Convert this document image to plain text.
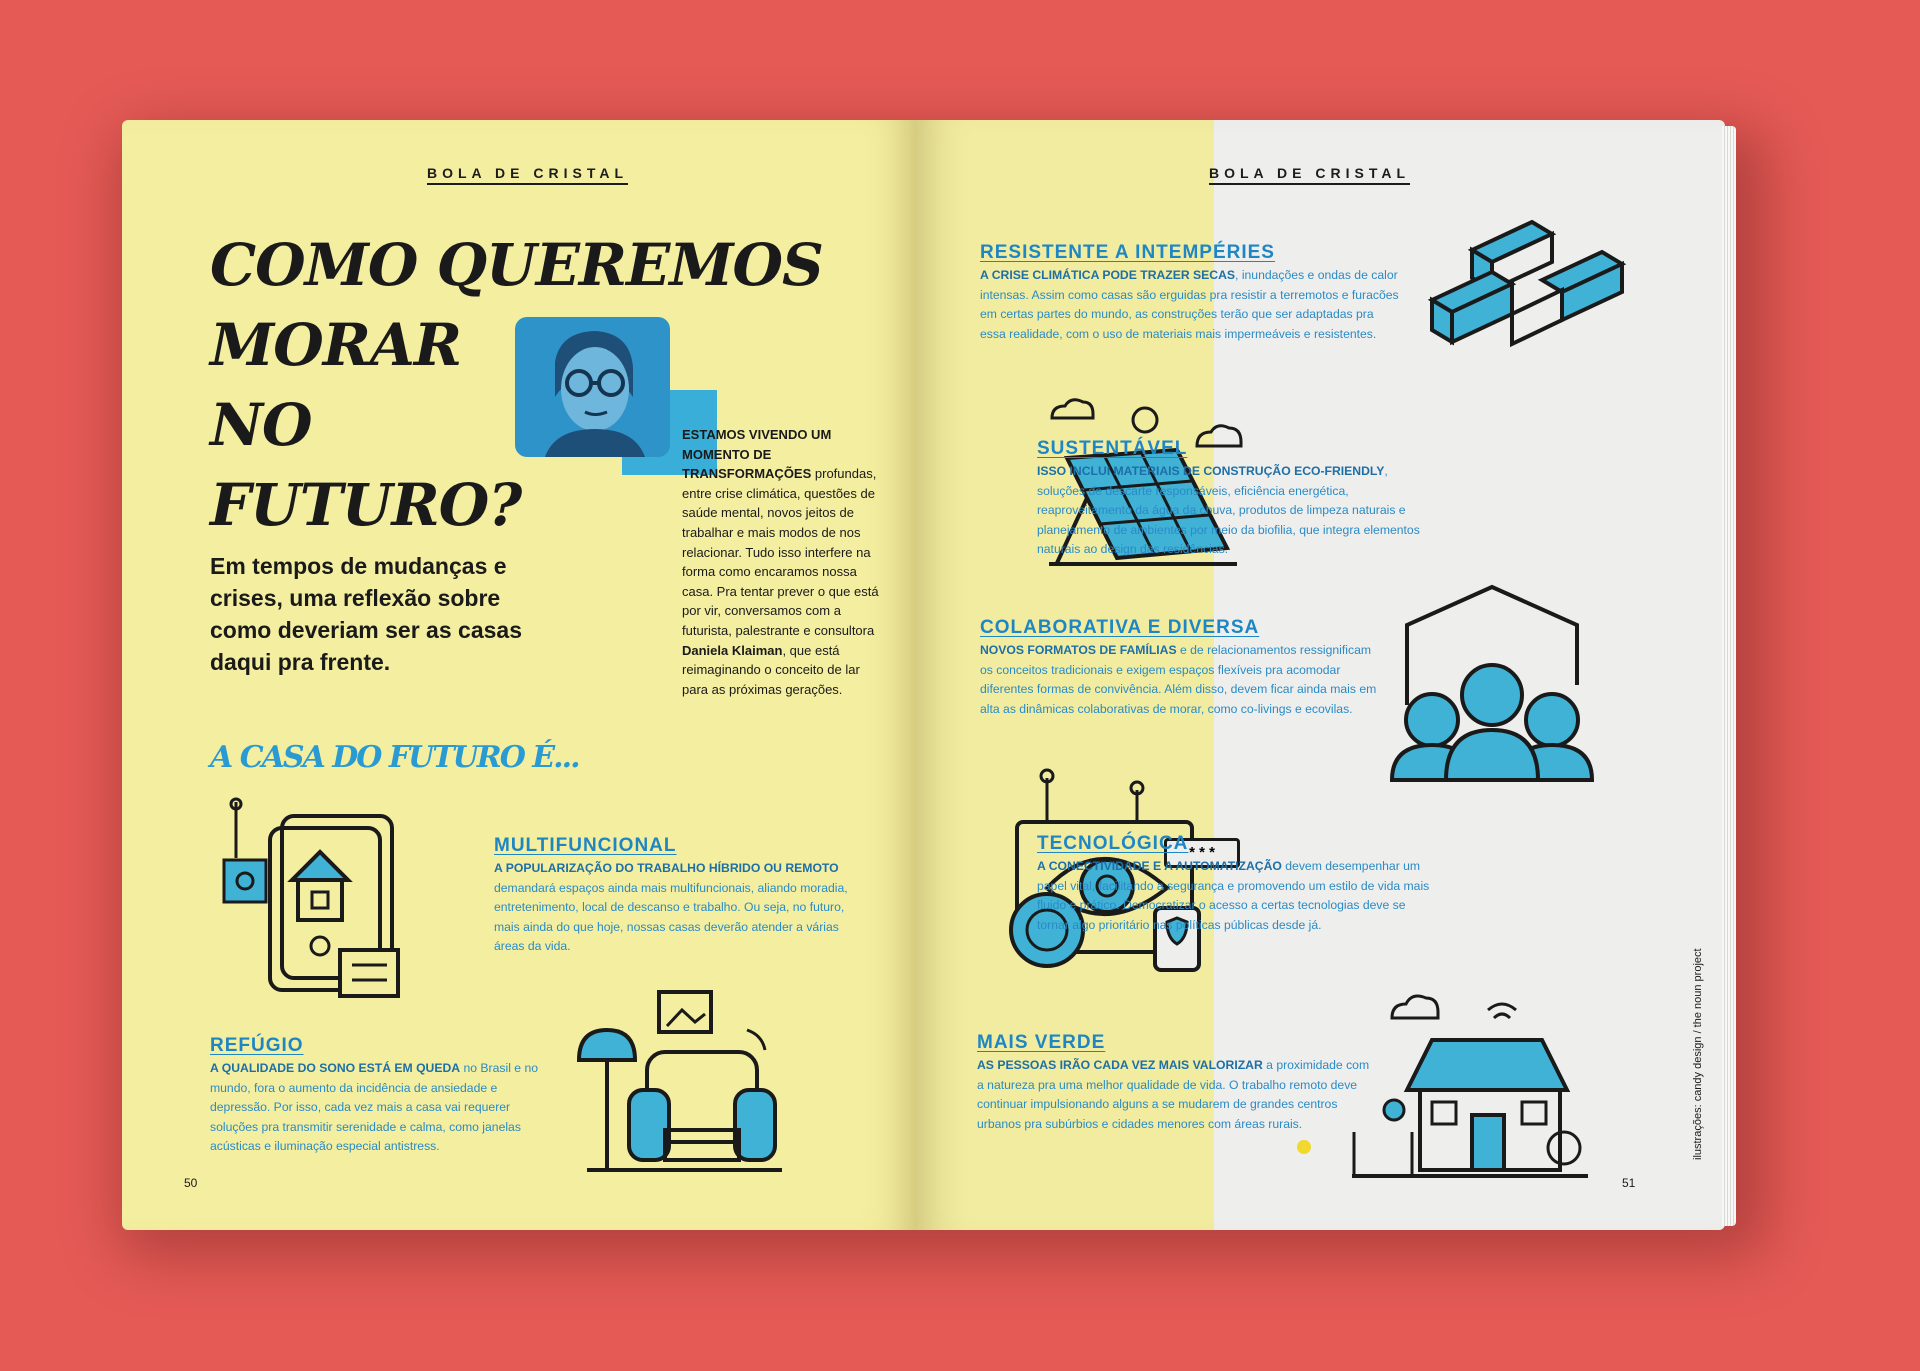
BOLA DE CRISTAL
COMO QUEREMOS
MORAR
NO
FUTURO?
Em tempos de mudanças e crises, uma reflexão sobre como deveriam ser as casas daqui pra frente.
ESTAMOS VIVENDO UM MOMENTO DE TRANSFORMAÇÕES profundas, entre crise climática, questões de saúde mental, novos jeitos de trabalhar e mais modos de nos relacionar. Tudo isso interfere na forma como encaramos nossa casa. Pra tentar prever o que está por vir, conversamos com a futurista, palestrante e consultora Daniela Klaiman, que está reimaginando o conceito de lar para as próximas gerações.
A CASA DO FUTURO É...
MULTIFUNCIONAL

A POPULARIZAÇÃO DO TRABALHO HÍBRIDO OU REMOTO demandará espaços ainda mais multifuncionais, aliando moradia, entretenimento, local de descanso e trabalho. Ou seja, no futuro, mais ainda do que hoje, nossas casas deverão atender a várias áreas da vida.

REFÚGIO

A QUALIDADE DO SONO ESTÁ EM QUEDA no Brasil e no mundo, fora o aumento da incidência de ansiedade e depressão. Por isso, cada vez mais a casa vai requerer soluções pra transmitir serenidade e calma, como janelas acústicas e iluminação especial antistress.

50
BOLA DE CRISTAL
RESISTENTE A INTEMPÉRIES

A CRISE CLIMÁTICA PODE TRAZER SECAS, inundações e ondas de calor intensas. Assim como casas são erguidas pra resistir a terremotos e furacões em certas partes do mundo, as construções terão que ser adaptadas pra essa realidade, com o uso de materiais mais impermeáveis e resistentes.

SUSTENTÁVEL

ISSO INCLUI MATERIAIS DE CONSTRUÇÃO ECO-FRIENDLY, soluções de descarte responsáveis, eficiência energética, reaproveitamento da água da chuva, produtos de limpeza naturais e planejamento de ambientes por meio da biofilia, que integra elementos naturais ao design das residências.

COLABORATIVA E DIVERSA

NOVOS FORMATOS DE FAMÍLIAS e de relacionamentos ressignificam os conceitos tradicionais e exigem espaços flexíveis pra acomodar diferentes formas de convivência. Além disso, devem ficar ainda mais em alta as dinâmicas colaborativas de morar, como co-livings e ecovilas.

* * *
TECNOLÓGICA

A CONECTIVIDADE E A AUTOMATIZAÇÃO devem desempenhar um papel vital, facilitando a segurança e promovendo um estilo de vida mais fluido e prático. Democratizar o acesso a certas tecnologias deve se tornar algo prioritário nas políticas públicas desde já.

MAIS VERDE

AS PESSOAS IRÃO CADA VEZ MAIS VALORIZAR a proximidade com a natureza pra uma melhor qualidade de vida. O trabalho remoto deve continuar impulsionando alguns a se mudarem de grandes centros urbanos pra subúrbios e cidades menores com áreas rurais.	ilustrações: candy design / the noun project
51
